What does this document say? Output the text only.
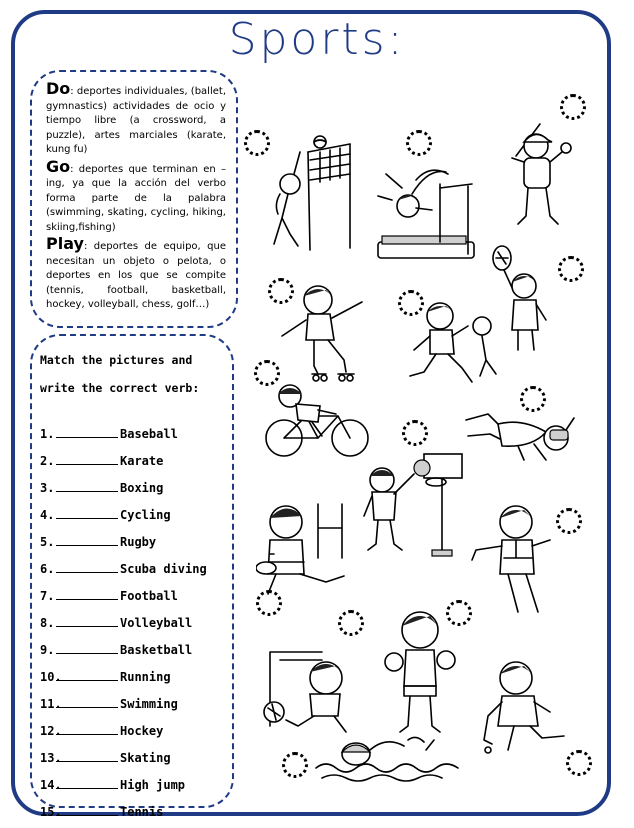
Sports:

Do: deportes individuales, (ballet, gymnastics) actividades de ocio y tiempo libre (a crossword, a puzzle), artes marciales (karate, kung fu)

Go: deportes que terminan en –ing, ya que la acción del verbo forma parte de la palabra (swimming, skating, cycling, hiking, skiing,fishing)

Play: deportes de equipo, que necesitan un objeto o pelota, o deportes en los que se compite (tennis, football, basketball, hockey, volleyball, chess, golf…)

Match the pictures and
write the correct verb:
1.	Baseball
2.	Karate
3.	Boxing
4.	Cycling
5.	Rugby
6.	Scuba diving
7.	Football
8.	Volleyball
9.	Basketball
10.	Running
11.	Swimming
12.	Hockey
13.	Skating
14.	High jump
15.	Tennis
